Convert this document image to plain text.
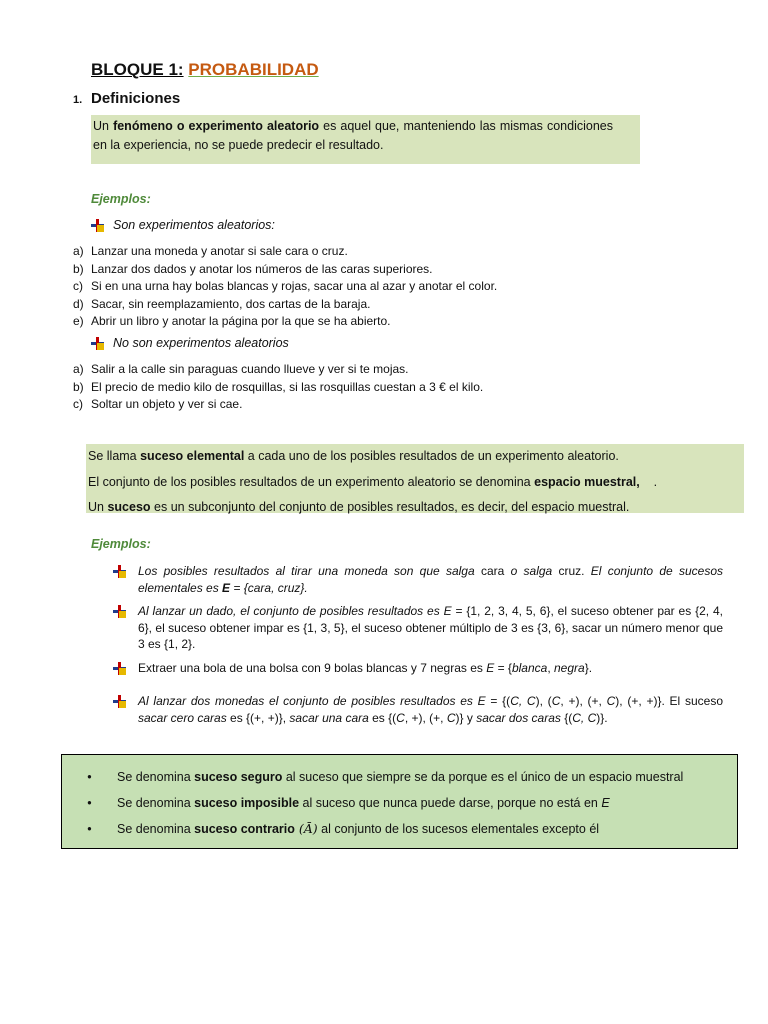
BLOQUE 1: PROBABILIDAD
1. Definiciones

Un fenómeno o experimento aleatorio es aquel que, manteniendo las mismas condiciones en la experiencia, no se puede predecir el resultado.

Ejemplos:
Son experimentos aleatorios:
a) Lanzar una moneda y anotar si sale cara o cruz.
b) Lanzar dos dados y anotar los números de las caras superiores.
c) Si en una urna hay bolas blancas y rojas, sacar una al azar y anotar el color.
d) Sacar, sin reemplazamiento, dos cartas de la baraja.
e) Abrir un libro y anotar la página por la que se ha abierto.
No son experimentos aleatorios
a) Salir a la calle sin paraguas cuando llueve y ver si te mojas.
b) El precio de medio kilo de rosquillas, si las rosquillas cuestan a 3 € el kilo.
c) Soltar un objeto y ver si cae.

Se llama suceso elemental a cada uno de los posibles resultados de un experimento aleatorio.

El conjunto de los posibles resultados de un experimento aleatorio se denomina espacio muestral,    .

Un suceso es un subconjunto del conjunto de posibles resultados, es decir, del espacio muestral.

Ejemplos:
Los posibles resultados al tirar una moneda son que salga cara o salga cruz. El conjunto de sucesos elementales es E = {cara, cruz}.
Al lanzar un dado, el conjunto de posibles resultados es E = {1, 2, 3, 4, 5, 6}, el suceso obtener par es {2, 4, 6}, el suceso obtener impar es {1, 3, 5}, el suceso obtener múltiplo de 3 es {3, 6}, sacar un número menor que 3 es {1, 2}.
Extraer una bola de una bolsa con 9 bolas blancas y 7 negras es E = {blanca, negra}.
Al lanzar dos monedas el conjunto de posibles resultados es E = {(C, C), (C, +), (+, C), (+, +)}. El suceso sacar cero caras es {(+, +)}, sacar una cara es {(C, +), (+, C)} y sacar dos caras {(C, C)}.
•	Se denomina suceso seguro al suceso que siempre se da porque es el único de un espacio muestral
•	Se denomina suceso imposible al suceso que nunca puede darse, porque no está en E
•	Se denomina suceso contrario (Ā) al conjunto de los sucesos elementales excepto él
